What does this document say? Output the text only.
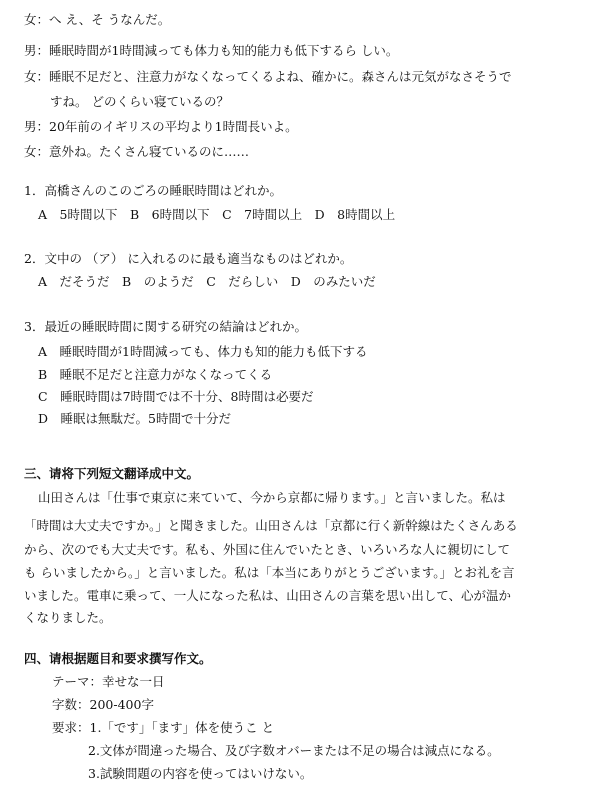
女：へ え、そ うなんだ。
男：睡眠時間が1時間減っても体力も知的能力も低下するら しい。
女：睡眠不足だと、注意力がなくなってくるよね、確かに。森さんは元気がなさそうで
すね。 どのくらい寝ているの？
男：20年前のイギリスの平均より1時間長いよ。
女：意外ね。たくさん寝ているのに……
1．高橋さんのこのごろの睡眠時間はどれか。
A　5時間以下　B　6時間以下　C　7時間以上　D　8時間以上
2．文中の （ア） に入れるのに最も適当なものはどれか。
A　だそうだ　B　のようだ　C　だらしい　D　のみたいだ
3．最近の睡眠時間に関する研究の結論はどれか。
A　睡眠時間が1時間減っても、体力も知的能力も低下する
B　睡眠不足だと注意力がなくなってくる
C　睡眠時間は7時間では不十分、8時間は必要だ
D　睡眠は無駄だ。5時間で十分だ
三、请将下列短文翻译成中文。
山田さんは「仕事で東京に来ていて、今から京都に帰ります。」と言いました。私は
「時間は大丈夫ですか。」と聞きました。山田さんは「京都に行く新幹線はたくさんある
から、次のでも大丈夫です。私も、外国に住んでいたとき、いろいろな人に親切にして
も らいましたから。」と言いました。私は「本当にありがとうございます。」とお礼を言
いました。電車に乗って、一人になった私は、山田さんの言葉を思い出して、心が温か
くなりました。
四、请根据题目和要求撰写作文。
テーマ：幸せな一日
字数：200-400字
要求：1.「です」「ます」体を使うこ と
2.文体が間違った場合、及び字数オバーまたは不足の場合は減点になる。
3.試験問題の内容を使ってはいけない。
